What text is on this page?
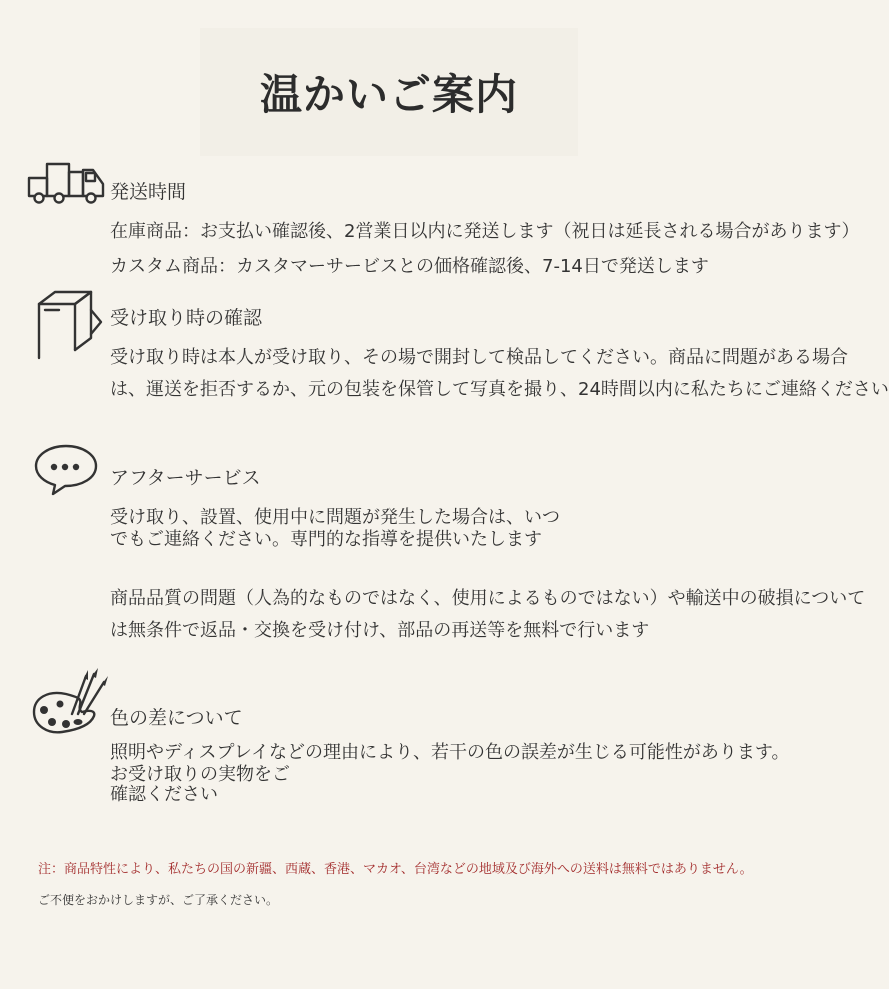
温かいご案内
発送時間
在庫商品：お支払い確認後、2営業日以内に発送します（祝日は延長される場合があります）
カスタム商品：カスタマーサービスとの価格確認後、7-14日で発送します
受け取り時の確認
受け取り時は本人が受け取り、その場で開封して検品してください。商品に問題がある場合
は、運送を拒否するか、元の包装を保管して写真を撮り、24時間以内に私たちにご連絡ください
アフターサービス
受け取り、設置、使用中に問題が発生した場合は、いつ
でもご連絡ください。専門的な指導を提供いたします
商品品質の問題（人為的なものではなく、使用によるものではない）や輸送中の破損について
は無条件で返品・交換を受け付け、部品の再送等を無料で行います
色の差について
照明やディスプレイなどの理由により、若干の色の誤差が生じる可能性があります。
お受け取りの実物をご
確認ください
注：商品特性により、私たちの国の新疆、西蔵、香港、マカオ、台湾などの地域及び海外への送料は無料ではありません。
ご不便をおかけしますが、ご了承ください。
